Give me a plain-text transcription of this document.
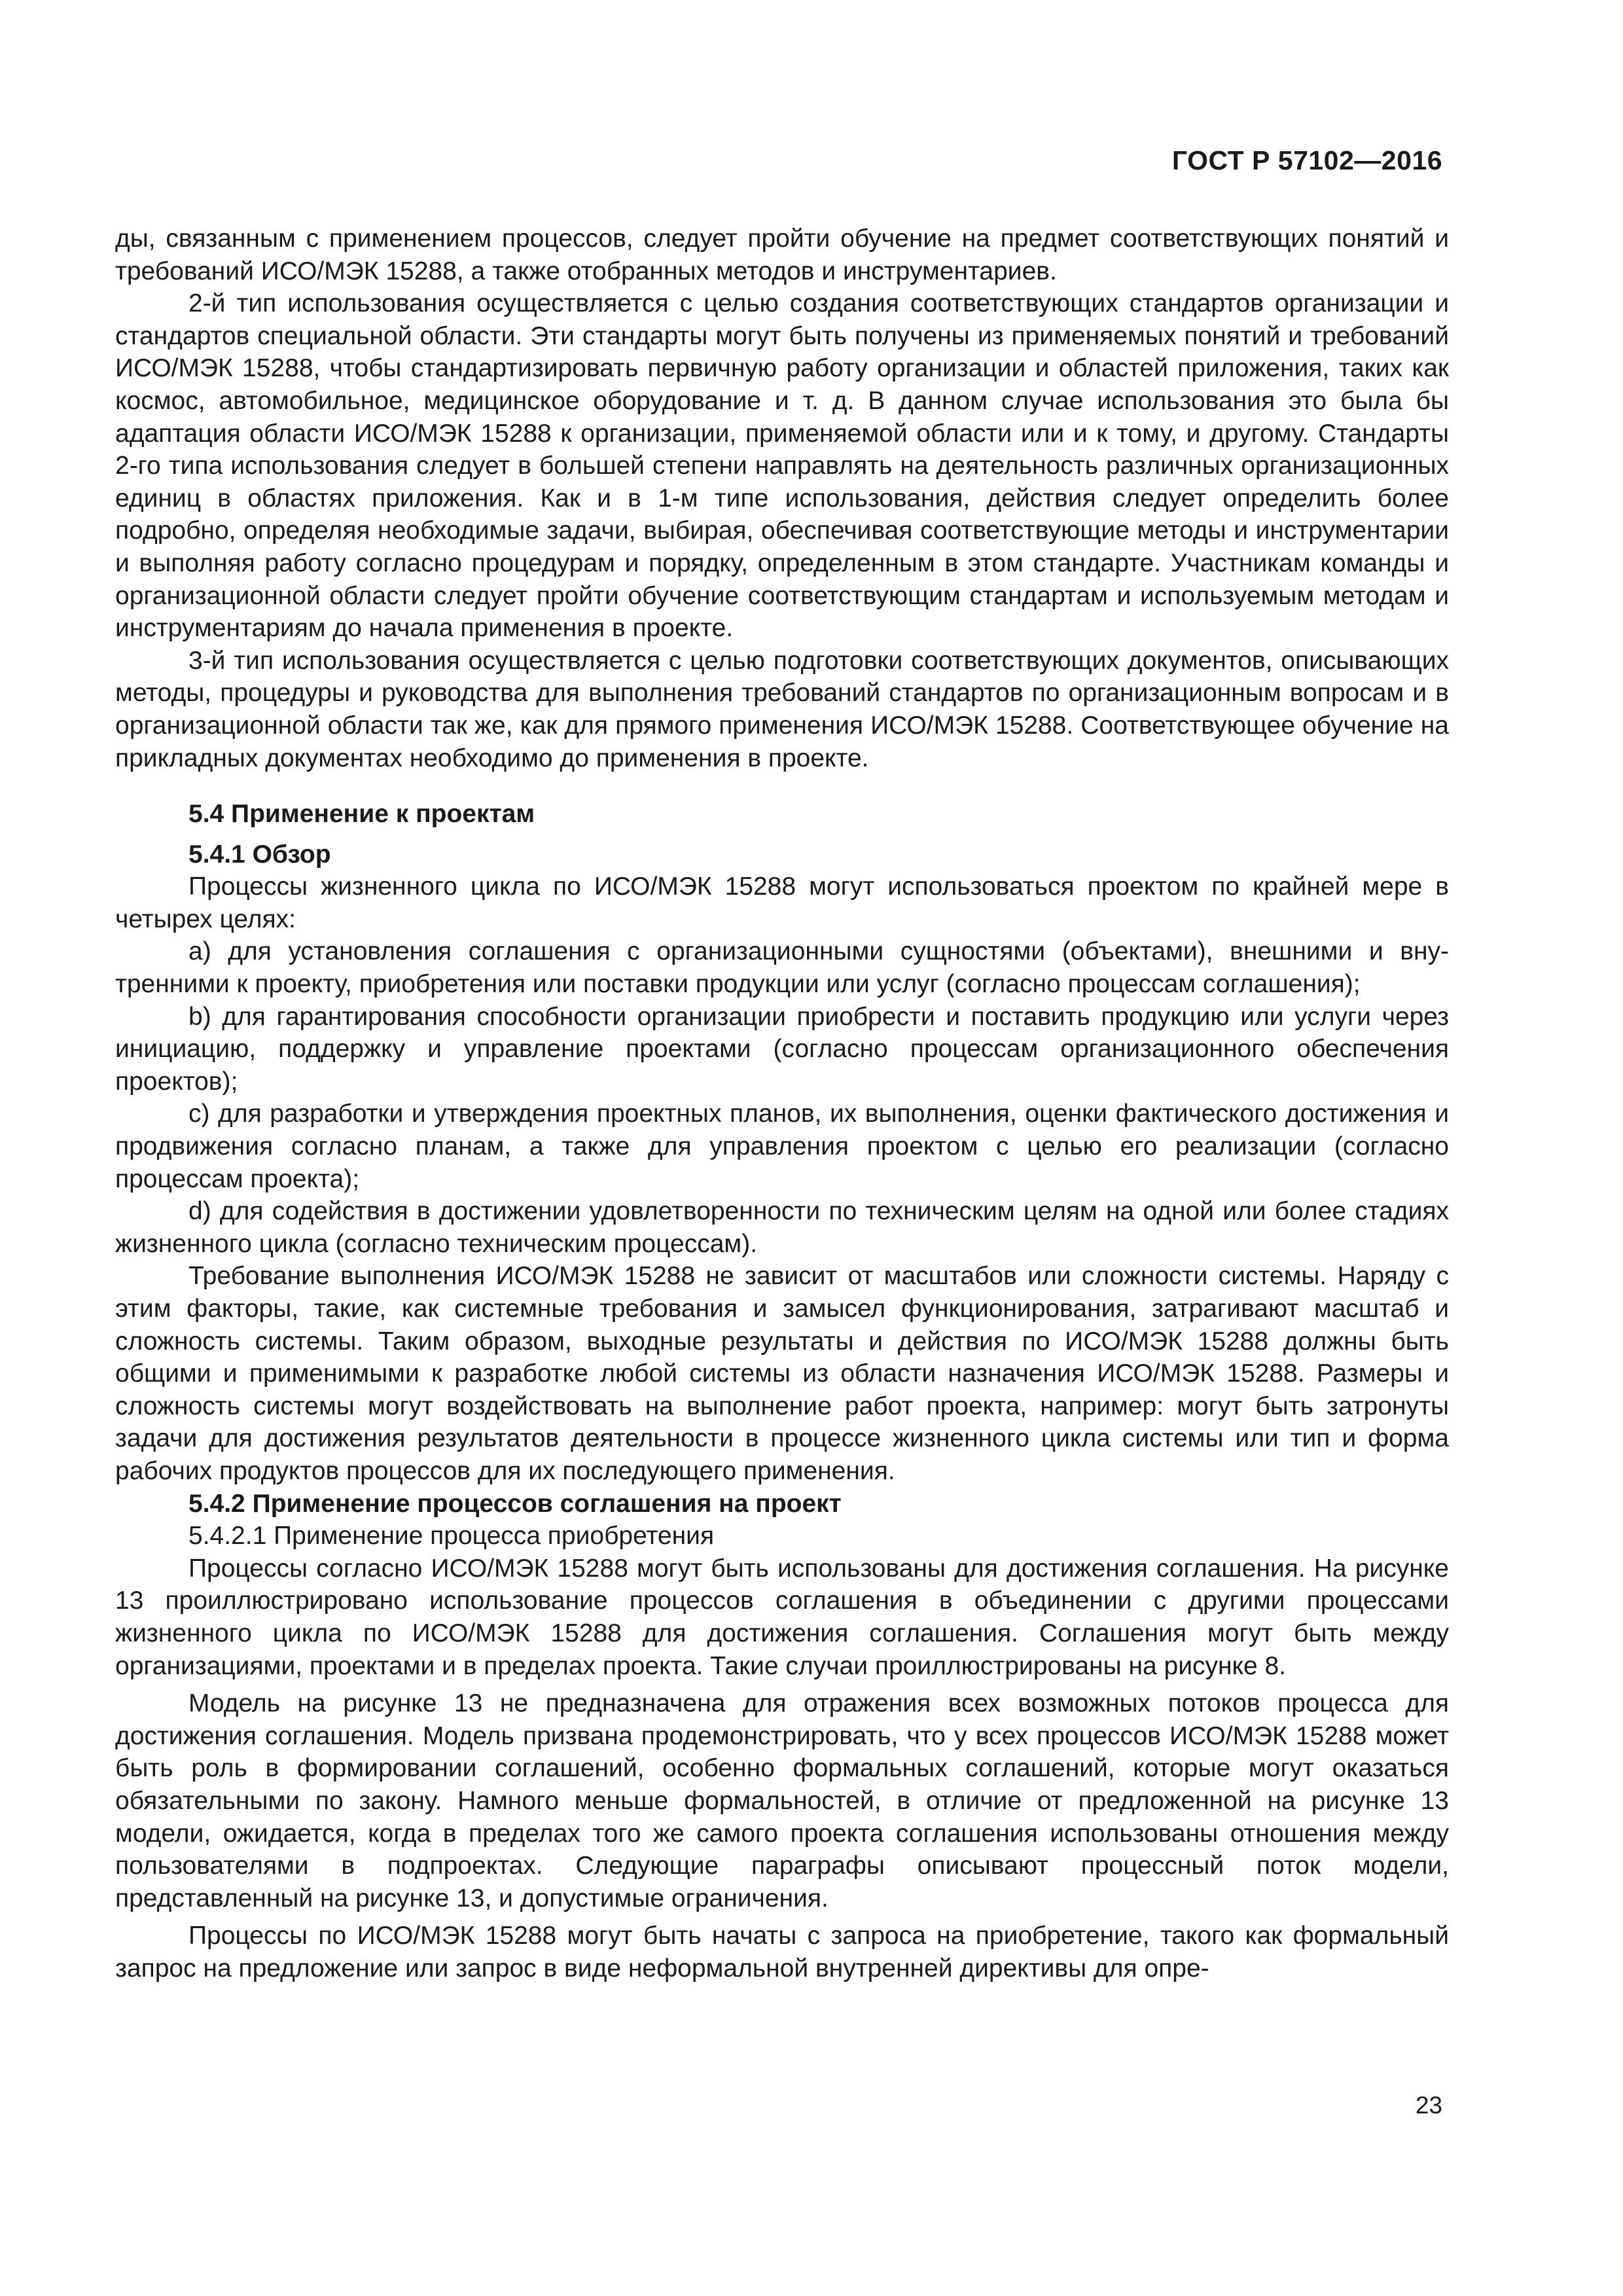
ГОСТ Р 57102—2016

ды, связанным с применением процессов, следует пройти обучение на предмет соответствующих понятий и требований ИСО/МЭК 15288, а также отобранных методов и инструментариев.

2-й тип использования осуществляется с целью создания соответствующих стандартов организации и стандартов специальной области. Эти стандарты могут быть получены из применяемых понятий и требований ИСО/МЭК 15288, чтобы стандартизировать первичную работу организации и областей приложения, таких как космос, автомобильное, медицинское оборудование и т. д. В данном случае использования это была бы адаптация области ИСО/МЭК 15288 к организации, применяемой области или и к тому, и другому. Стандарты 2-го типа использования следует в большей степени направлять на деятельность различных организационных единиц в областях приложения. Как и в 1-м типе использования, действия следует определить более подробно, определяя необходимые задачи, выбирая, обеспечивая соответствующие методы и инструментарии и выполняя работу согласно процедурам и порядку, определенным в этом стандарте. Участникам команды и организационной области следует пройти обучение соответствующим стандартам и используемым методам и инструментариям до начала применения в проекте.

3-й тип использования осуществляется с целью подготовки соответствующих документов, описывающих методы, процедуры и руководства для выполнения требований стандартов по организационным вопросам и в организационной области так же, как для прямого применения ИСО/МЭК 15288. Соответствующее обучение на прикладных документах необходимо до применения в проекте.

5.4 Применение к проектам
5.4.1 Обзор

Процессы жизненного цикла по ИСО/МЭК 15288 могут использоваться проектом по крайней мере в четырех целях:

a) для установления соглашения с организационными сущностями (объектами), внешними и внутренними к проекту, приобретения или поставки продукции или услуг (согласно процессам соглашения);

b) для гарантирования способности организации приобрести и поставить продукцию или услуги через инициацию, поддержку и управление проектами (согласно процессам организационного обеспечения проектов);

c) для разработки и утверждения проектных планов, их выполнения, оценки фактического достижения и продвижения согласно планам, а также для управления проектом с целью его реализации (согласно процессам проекта);

d) для содействия в достижении удовлетворенности по техническим целям на одной или более стадиях жизненного цикла (согласно техническим процессам).

Требование выполнения ИСО/МЭК 15288 не зависит от масштабов или сложности системы. Наряду с этим факторы, такие, как системные требования и замысел функционирования, затрагивают масштаб и сложность системы. Таким образом, выходные результаты и действия по ИСО/МЭК 15288 должны быть общими и применимыми к разработке любой системы из области назначения ИСО/МЭК 15288. Размеры и сложность системы могут воздействовать на выполнение работ проекта, например: могут быть затронуты задачи для достижения результатов деятельности в процессе жизненного цикла системы или тип и форма рабочих продуктов процессов для их последующего применения.

5.4.2 Применение процессов соглашения на проект
5.4.2.1 Применение процесса приобретения

Процессы согласно ИСО/МЭК 15288 могут быть использованы для достижения соглашения. На рисунке 13 проиллюстрировано использование процессов соглашения в объединении с другими процессами жизненного цикла по ИСО/МЭК 15288 для достижения соглашения. Соглашения могут быть между организациями, проектами и в пределах проекта. Такие случаи проиллюстрированы на рисунке 8.

Модель на рисунке 13 не предназначена для отражения всех возможных потоков процесса для достижения соглашения. Модель призвана продемонстрировать, что у всех процессов ИСО/МЭК 15288 может быть роль в формировании соглашений, особенно формальных соглашений, которые могут оказаться обязательными по закону. Намного меньше формальностей, в отличие от предложенной на рисунке 13 модели, ожидается, когда в пределах того же самого проекта соглашения использованы отношения между пользователями в подпроектах. Следующие параграфы описывают процессный поток модели, представленный на рисунке 13, и допустимые ограничения.

Процессы по ИСО/МЭК 15288 могут быть начаты с запроса на приобретение, такого как формальный запрос на предложение или запрос в виде неформальной внутренней директивы для опре-

23
